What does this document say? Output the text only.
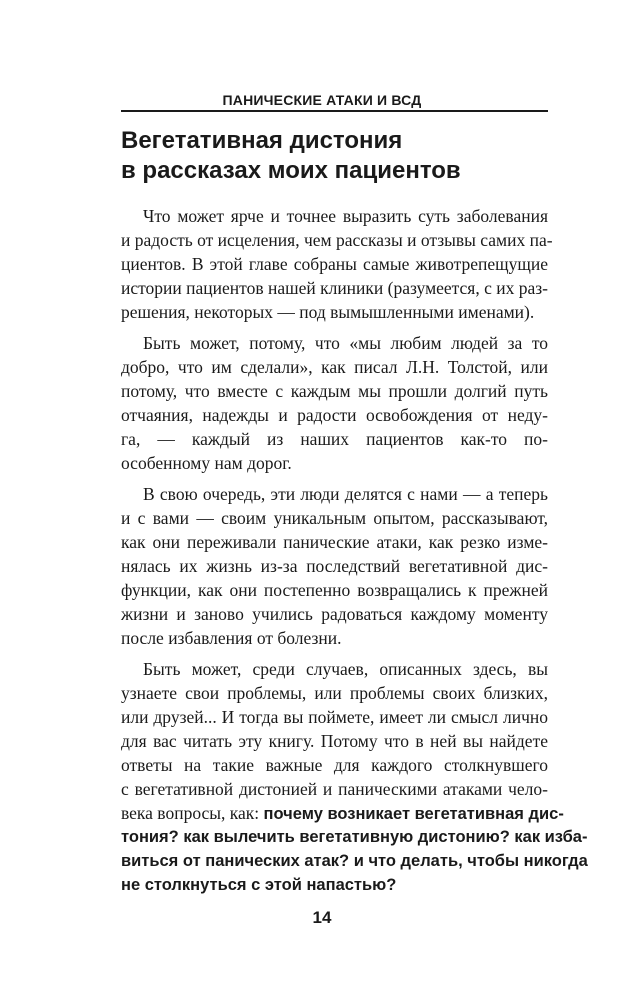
ПАНИЧЕСКИЕ АТАКИ И ВСД
Вегетативная дистония
в рассказах моих пациентов

Что может ярче и точнее выразить суть заболевания
и радость от исцеления, чем рассказы и отзывы самих па-
циентов. В этой главе собраны самые животрепещущие
истории пациентов нашей клиники (разумеется, с их раз-
решения, некоторых — под вымышленными именами).

Быть может, потому, что «мы любим людей за то
добро, что им сделали», как писал Л.Н. Толстой, или
потому, что вместе с каждым мы прошли долгий путь
отчаяния, надежды и радости освобождения от неду-
га, — каждый из наших пациентов как-то по-
особенному нам дорог.

В свою очередь, эти люди делятся с нами — а теперь
и с вами — своим уникальным опытом, рассказывают,
как они переживали панические атаки, как резко изме-
нялась их жизнь из-за последствий вегетативной дис-
функции, как они постепенно возвращались к прежней
жизни и заново учились радоваться каждому моменту
после избавления от болезни.

Быть может, среди случаев, описанных здесь, вы
узнаете свои проблемы, или проблемы своих близких,
или друзей... И тогда вы поймете, имеет ли смысл лично
для вас читать эту книгу. Потому что в ней вы найдете
ответы на такие важные для каждого столкнувшего
с вегетативной дистонией и паническими атаками чело-
века вопросы, как: почему возникает вегетативная дис-
тония? как вылечить вегетативную дистонию? как избa-
виться от панических атак? и что делать, чтобы никогда
не столкнуться с этой напастью?

14
